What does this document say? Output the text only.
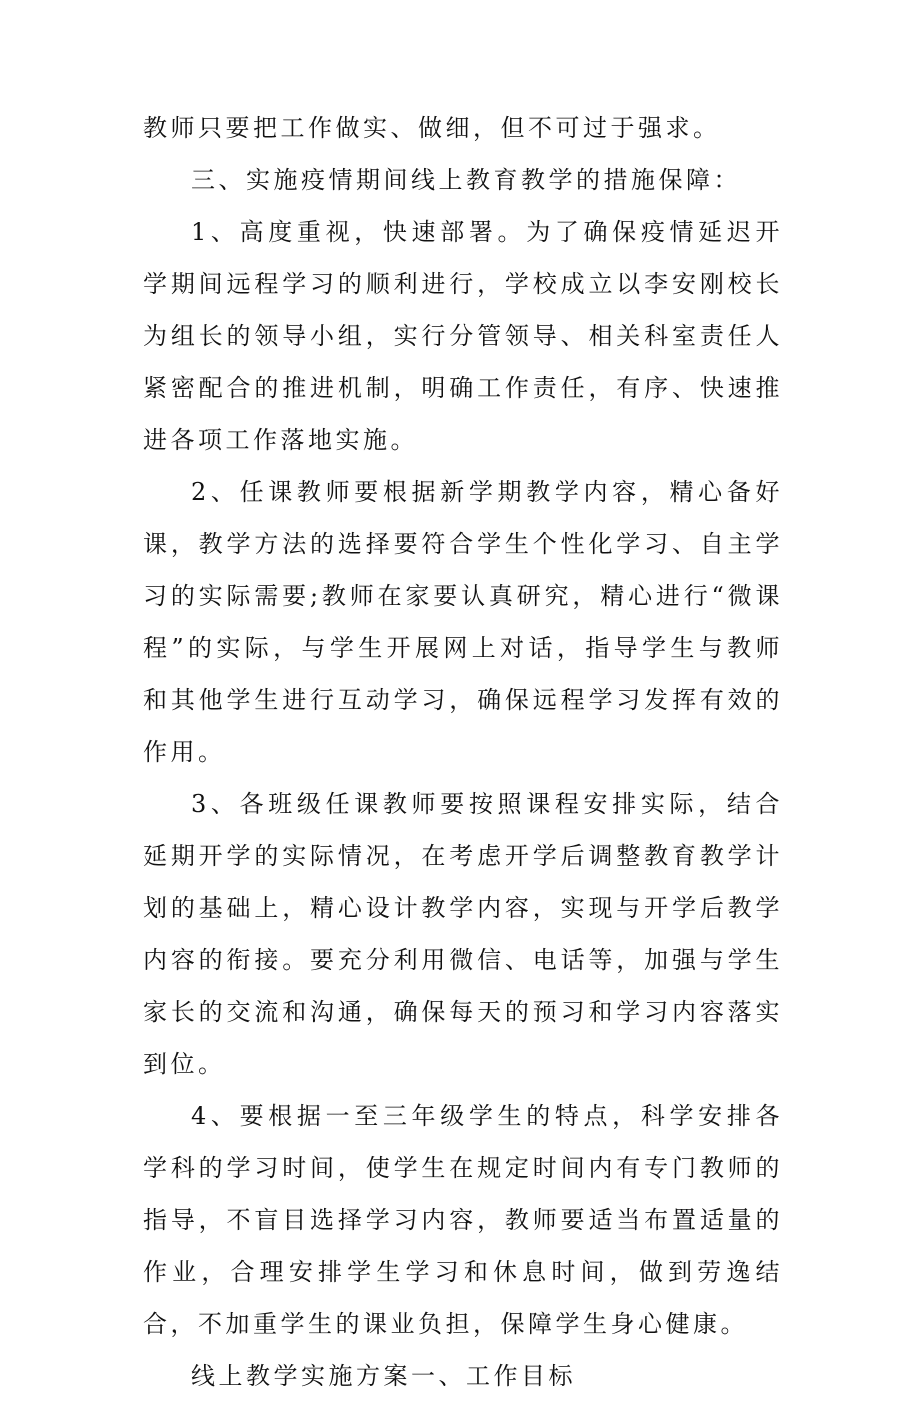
教师只要把工作做实、做细，但不可过于强求。

三、实施疫情期间线上教育教学的措施保障：

1、高度重视，快速部署。为了确保疫情延迟开学期间远程学习的顺利进行，学校成立以李安刚校长为组长的领导小组，实行分管领导、相关科室责任人紧密配合的推进机制，明确工作责任，有序、快速推进各项工作落地实施。

2、任课教师要根据新学期教学内容，精心备好课，教学方法的选择要符合学生个性化学习、自主学习的实际需要;教师在家要认真研究，精心进行“微课程”的实际，与学生开展网上对话，指导学生与教师和其他学生进行互动学习，确保远程学习发挥有效的作用。

3、各班级任课教师要按照课程安排实际，结合延期开学的实际情况，在考虑开学后调整教育教学计划的基础上，精心设计教学内容，实现与开学后教学内容的衔接。要充分利用微信、电话等，加强与学生家长的交流和沟通，确保每天的预习和学习内容落实到位。

4、要根据一至三年级学生的特点，科学安排各学科的学习时间，使学生在规定时间内有专门教师的指导，不盲目选择学习内容，教师要适当布置适量的作业，合理安排学生学习和休息时间，做到劳逸结合，不加重学生的课业负担，保障学生身心健康。

线上教学实施方案一、工作目标
